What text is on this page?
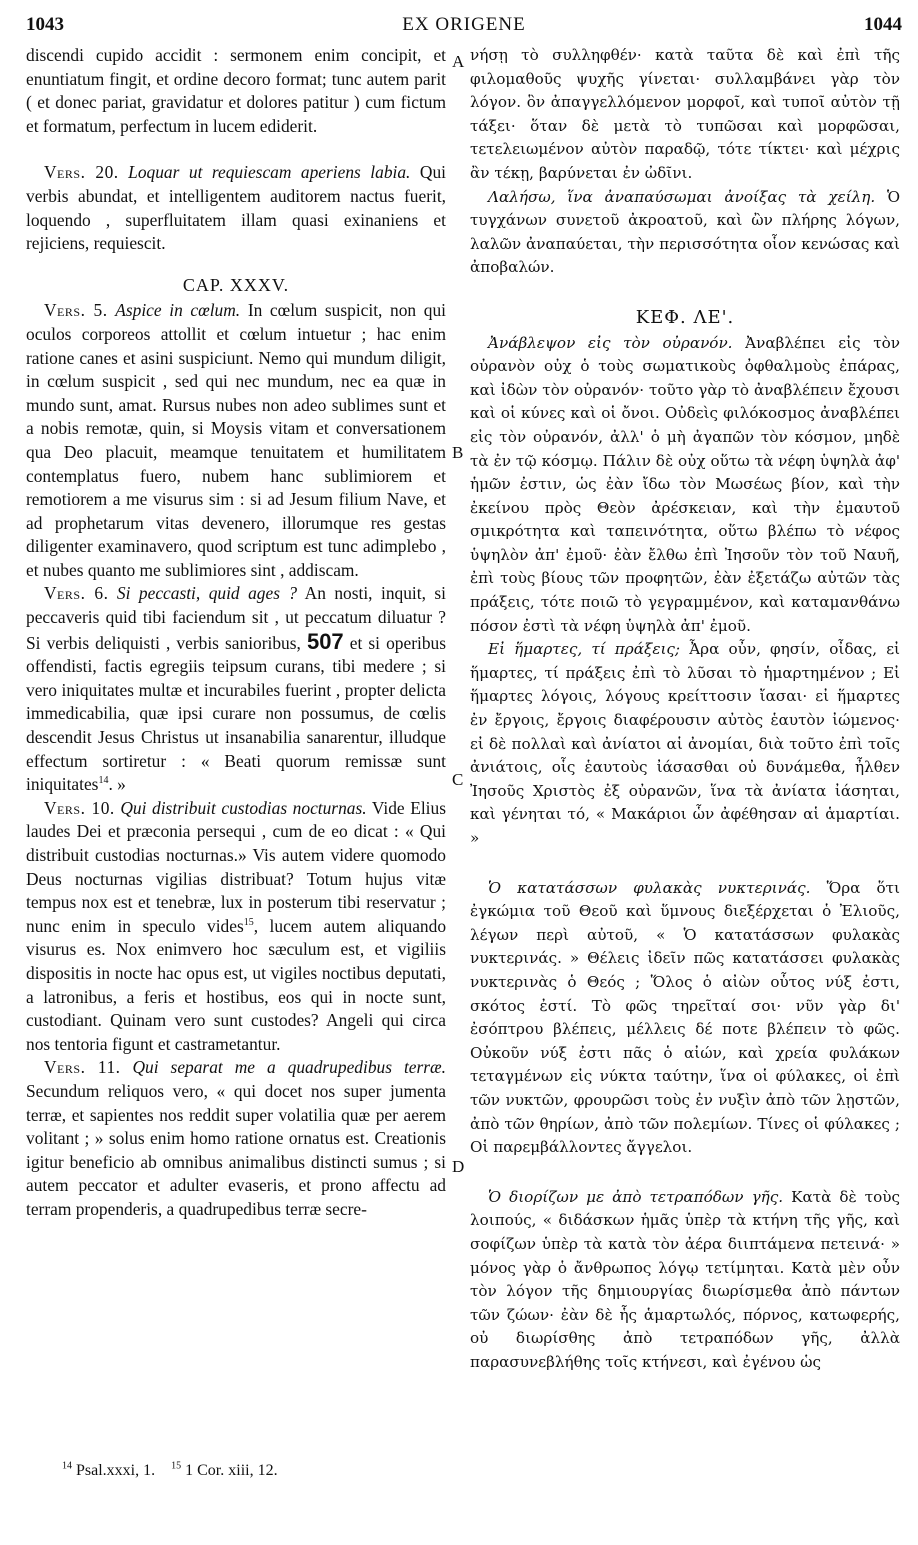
1043	EX ORIGENE	1044

discendi cupido accidit : sermonem enim concipit, et enuntiatum fingit, et ordine decoro format; tunc autem parit ( et donec pariat, gravidatur et dolores patitur ) cum fictum et formatum, perfectum in lucem ediderit.

Vers. 20. Loquar ut requiescam aperiens labia. Qui verbis abundat, et intelligentem auditorem nactus fuerit, loquendo , superfluitatem illam quasi exinaniens et rejiciens, requiescit.

CAP. XXXV.

Vers. 5. Aspice in cœlum. In cœlum suspicit, non qui oculos corporeos attollit et cœlum intuetur ; hac enim ratione canes et asini suspiciunt. Nemo qui mundum diligit, in cœlum suspicit , sed qui nec mundum, nec ea quæ in mundo sunt, amat. Rursus nubes non adeo sublimes sunt et a nobis remotæ, quin, si Moysis vitam et conversationem qua Deo placuit, meamque tenuitatem et humilitatem contemplatus fuero, nubem hanc sublimiorem et remotiorem a me visurus sim : si ad Jesum filium Nave, et ad prophetarum vitas devenero, illorumque res gestas diligenter examinavero, quod scriptum est tunc adimplebo , et nubes quanto me sublimiores sint , addiscam.

Vers. 6. Si peccasti, quid ages ? An nosti, inquit, si peccaveris quid tibi faciendum sit , ut peccatum diluatur ? Si verbis deliquisti , verbis sanioribus, 507 et si operibus offendisti, factis egregiis teipsum curans, tibi medere ; si vero iniquitates multæ et incurabiles fuerint , propter delicta immedicabilia, quæ ipsi curare non possumus, de cœlis descendit Jesus Christus ut insanabilia sanarentur, illudque effectum sortiretur : « Beati quorum remissæ sunt iniquitates$^{14}$. »

Vers. 10. Qui distribuit custodias nocturnas. Vide Elius laudes Dei et præconia persequi , cum de eo dicat : « Qui distribuit custodias nocturnas.» Vis autem videre quomodo Deus nocturnas vigilias distribuat? Totum hujus vitæ tempus nox est et tenebræ, lux in posterum tibi reservatur ; nunc enim in speculo vides$^{15}$, lucem autem aliquando visurus es. Nox enimvero hoc sæculum est, et vigiliis dispositis in nocte hac opus est, ut vigiles noctibus deputati, a latronibus, a feris et hostibus, eos qui in nocte sunt, custodiant. Quinam vero sunt custodes? Angeli qui circa nos tentoria figunt et castrametantur.

Vers. 11. Qui separat me a quadrupedibus terræ. Secundum reliquos vero, « qui docet nos super jumenta terræ, et sapientes nos reddit super volatilia quæ per aerem volitant ; » solus enim homo ratione ornatus est. Creationis igitur beneficio ab omnibus animalibus distincti sumus ; si autem peccator et adulter evaseris, et prono affectu ad terram propenderis, a quadrupedibus terræ secre-

A
B
C
D

νήσῃ τὸ συλληφθέν· κατὰ ταῦτα δὲ καὶ ἐπὶ τῆς φιλομαθοῦς ψυχῆς γίνεται· συλλαμβάνει γὰρ τὸν λόγον. ὃν ἀπαγγελλόμενον μορφοῖ, καὶ τυποῖ αὐτὸν τῇ τάξει· ὅταν δὲ μετὰ τὸ τυπῶσαι καὶ μορφῶσαι, τετελειωμένον αὐτὸν παραδῷ, τότε τίκτει· καὶ μέχρις ἂν τέκῃ, βαρύνεται ἐν ὠδῖνι.

Λαλήσω, ἵνα ἀναπαύσωμαι ἀνοίξας τὰ χείλη. Ὁ τυγχάνων συνετοῦ ἀκροατοῦ, καὶ ὢν πλήρης λόγων, λαλῶν ἀναπαύεται, τὴν περισσότητα οἷον κενώσας καὶ ἀποβαλών.

ΚΕΦ. ΛΕ'.

Ἀνάβλεψον εἰς τὸν οὐρανόν. Ἀναβλέπει εἰς τὸν οὐρανὸν οὐχ ὁ τοὺς σωματικοὺς ὀφθαλμοὺς ἐπάρας, καὶ ἰδὼν τὸν οὐρανόν· τοῦτο γὰρ τὸ ἀναβλέπειν ἔχουσι καὶ οἱ κύνες καὶ οἱ ὄνοι. Οὐδεὶς φιλόκοσμος ἀναβλέπει εἰς τὸν οὐρανόν, ἀλλ' ὁ μὴ ἀγαπῶν τὸν κόσμον, μηδὲ τὰ ἐν τῷ κόσμῳ. Πάλιν δὲ οὐχ οὕτω τὰ νέφη ὑψηλὰ ἀφ' ἡμῶν ἐστιν, ὡς ἐὰν ἴδω τὸν Μωσέως βίον, καὶ τὴν ἐκείνου πρὸς Θεὸν ἀρέσκειαν, καὶ τὴν ἐμαυτοῦ σμικρότητα καὶ ταπεινότητα, οὕτω βλέπω τὸ νέφος ὑψηλὸν ἀπ' ἐμοῦ· ἐὰν ἔλθω ἐπὶ Ἰησοῦν τὸν τοῦ Ναυῆ, ἐπὶ τοὺς βίους τῶν προφητῶν, ἐὰν ἐξετάζω αὐτῶν τὰς πράξεις, τότε ποιῶ τὸ γεγραμμένον, καὶ καταμανθάνω πόσον ἐστὶ τὰ νέφη ὑψηλὰ ἀπ' ἐμοῦ.

Εἰ ἥμαρτες, τί πράξεις; Ἆρα οὖν, φησίν, οἶδας, εἰ ἥμαρτες, τί πράξεις ἐπὶ τὸ λῦσαι τὸ ἡμαρτημένον ; Εἰ ἥμαρτες λόγοις, λόγους κρείττοσιν ἴασαι· εἰ ἥμαρτες ἐν ἔργοις, ἔργοις διαφέρουσιν αὐτὸς ἑαυτὸν ἰώμενος· εἰ δὲ πολλαὶ καὶ ἀνίατοι αἱ ἀνομίαι, διὰ τοῦτο ἐπὶ τοῖς ἀνιάτοις, οἷς ἑαυτοὺς ἰάσασθαι οὐ δυνάμεθα, ἦλθεν Ἰησοῦς Χριστὸς ἐξ οὐρανῶν, ἵνα τὰ ἀνίατα ἰάσηται, καὶ γένηται τό, « Μακάριοι ὧν ἀφέθησαν αἱ ἁμαρτίαι. »

Ὁ κατατάσσων φυλακὰς νυκτερινάς. Ὅρα ὅτι ἐγκώμια τοῦ Θεοῦ καὶ ὕμνους διεξέρχεται ὁ Ἐλιοῦς, λέγων περὶ αὐτοῦ, « Ὁ κατατάσσων φυλακὰς νυκτερινάς. » Θέλεις ἰδεῖν πῶς κατατάσσει φυλακὰς νυκτερινὰς ὁ Θεός ; Ὅλος ὁ αἰὼν οὗτος νύξ ἐστι, σκότος ἐστί. Τὸ φῶς τηρεῖταί σοι· νῦν γὰρ δι' ἐσόπτρου βλέπεις, μέλλεις δέ ποτε βλέπειν τὸ φῶς. Οὐκοῦν νύξ ἐστι πᾶς ὁ αἰών, καὶ χρεία φυλάκων τεταγμένων εἰς νύκτα ταύτην, ἵνα οἱ φύλακες, οἱ ἐπὶ τῶν νυκτῶν, φρουρῶσι τοὺς ἐν νυξὶν ἀπὸ τῶν λῃστῶν, ἀπὸ τῶν θηρίων, ἀπὸ τῶν πολεμίων. Τίνες οἱ φύλακες ; Οἱ παρεμβάλλοντες ἄγγελοι.

Ὁ διορίζων με ἀπὸ τετραπόδων γῆς. Κατὰ δὲ τοὺς λοιπούς, « διδάσκων ἡμᾶς ὑπὲρ τὰ κτήνη τῆς γῆς, καὶ σοφίζων ὑπὲρ τὰ κατὰ τὸν ἀέρα διιπτάμενα πετεινά· » μόνος γὰρ ὁ ἄνθρωπος λόγῳ τετίμηται. Κατὰ μὲν οὖν τὸν λόγον τῆς δημιουργίας διωρίσμεθα ἀπὸ πάντων τῶν ζώων· ἐὰν δὲ ἧς ἁμαρτωλός, πόρνος, κατωφερής, οὐ διωρίσθης ἀπὸ τετραπόδων γῆς, ἀλλὰ παρασυνεβλήθης τοῖς κτήνεσι, καὶ ἐγένου ὡς

$^{14}$ Psal.xxxi, 1. $^{15}$ 1 Cor. xiii, 12.
